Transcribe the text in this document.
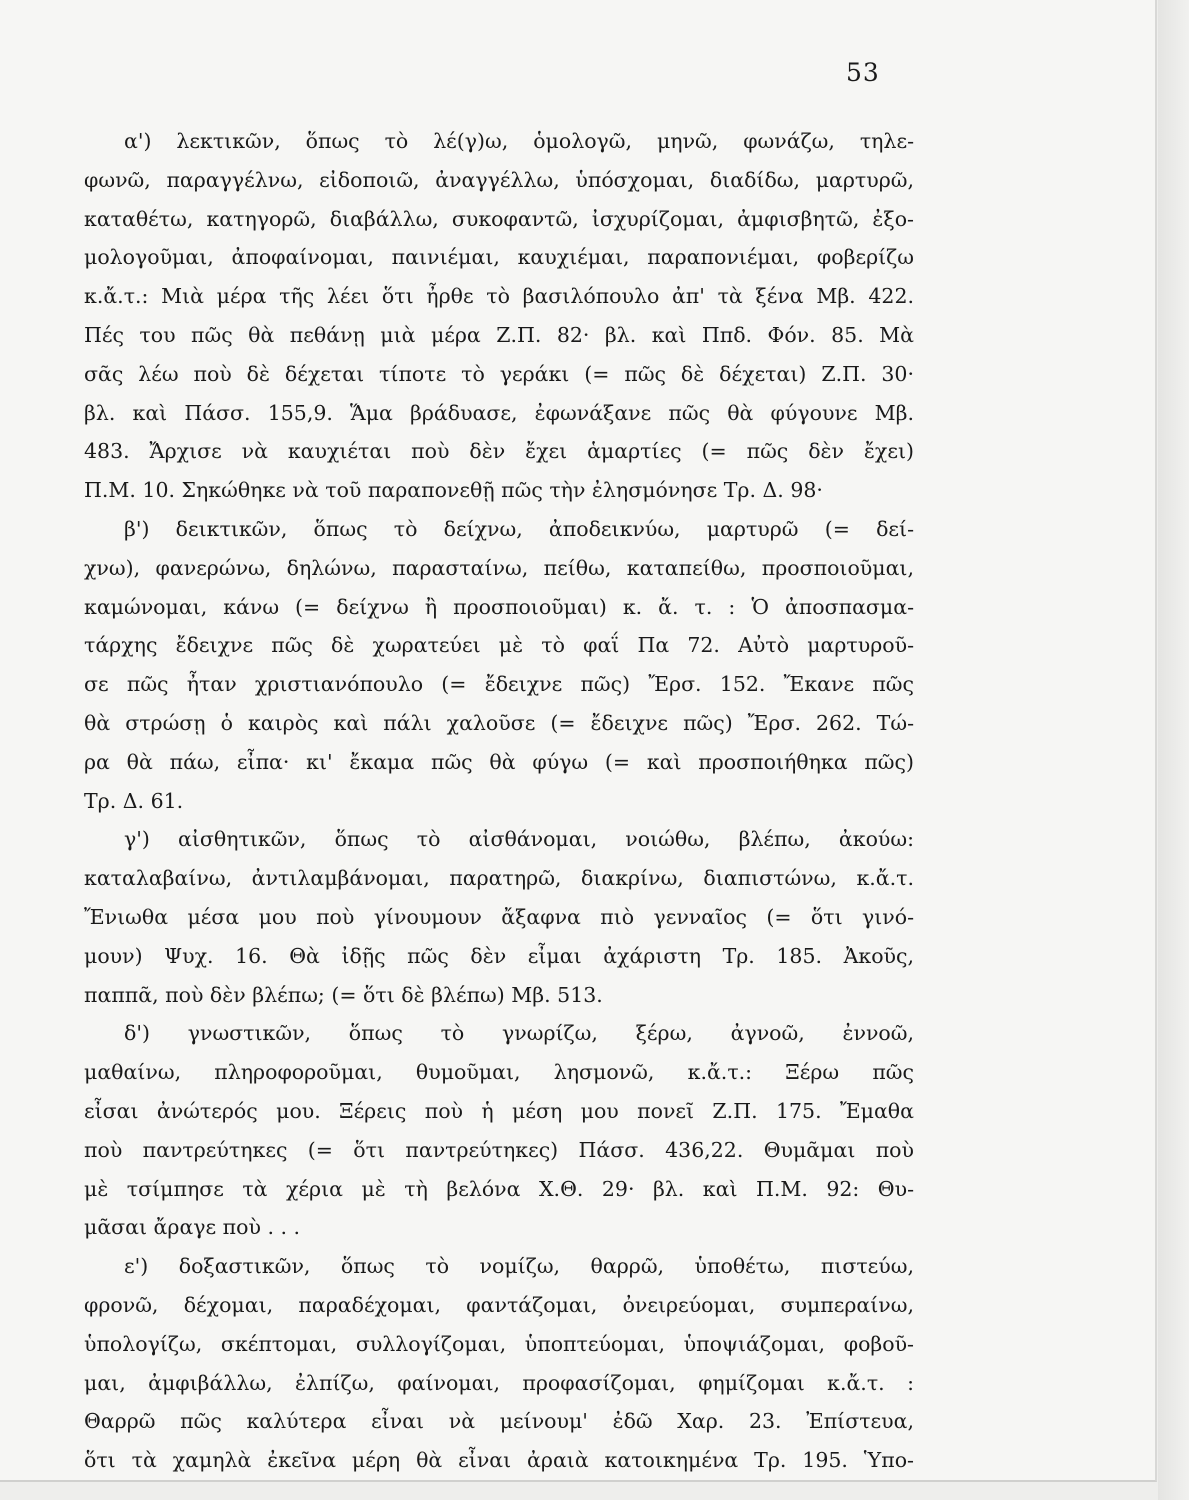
53
α') λεκτικῶν, ὅπως τὸ λέ(γ)ω, ὁμολογῶ, μηνῶ, φωνάζω, τηλε-
φωνῶ, παραγγέλνω, εἰδοποιῶ, ἀναγγέλλω, ὑπόσχομαι, διαδίδω, μαρτυρῶ,
καταθέτω, κατηγορῶ, διαβάλλω, συκοφαντῶ, ἰσχυρίζομαι, ἀμφισβητῶ, ἐξο-
μολογοῦμαι, ἀποφαίνομαι, παινιέμαι, καυχιέμαι, παραπονιέμαι, φοβερίζω
κ.ἄ.τ.: Μιὰ μέρα τῆς λέει ὅτι ἦρθε τὸ βασιλόπουλο ἀπ' τὰ ξένα Μβ. 422.
Πές του πῶς θὰ πεθάνῃ μιὰ μέρα Ζ.Π. 82· βλ. καὶ Ππδ. Φόν. 85. Μὰ
σᾶς λέω ποὺ δὲ δέχεται τίποτε τὸ γεράκι (= πῶς δὲ δέχεται) Ζ.Π. 30·
βλ. καὶ Πάσσ. 155,9. Ἅμα βράδυασε, ἐφωνάξανε πῶς θὰ φύγουνε Μβ.
483. Ἄρχισε νὰ καυχιέται ποὺ δὲν ἔχει ἁμαρτίες (= πῶς δὲν ἔχει)
Π.Μ. 10. Σηκώθηκε νὰ τοῦ παραπονεθῇ πῶς τὴν ἐλησμόνησε Τρ. Δ. 98·
β') δεικτικῶν, ὅπως τὸ δείχνω, ἀποδεικνύω, μαρτυρῶ (= δεί-
χνω), φανερώνω, δηλώνω, παρασταίνω, πείθω, καταπείθω, προσποιοῦμαι,
καμώνομαι, κάνω (= δείχνω ἢ προσποιοῦμαι) κ. ἄ. τ. : Ὁ ἀποσπασμα-
τάρχης ἔδειχνε πῶς δὲ χωρατεύει μὲ τὸ φαΐ Πα 72. Αὐτὸ μαρτυροῦ-
σε πῶς ἦταν χριστιανόπουλο (= ἔδειχνε πῶς) Ἔρσ. 152. Ἔκανε πῶς
θὰ στρώσῃ ὁ καιρὸς καὶ πάλι χαλοῦσε (= ἔδειχνε πῶς) Ἔρσ. 262. Τώ-
ρα θὰ πάω, εἶπα· κι' ἔκαμα πῶς θὰ φύγω (= καὶ προσποιήθηκα πῶς)
Τρ. Δ. 61.
γ') αἰσθητικῶν, ὅπως τὸ αἰσθάνομαι, νοιώθω, βλέπω, ἀκούω:
καταλαβαίνω, ἀντιλαμβάνομαι, παρατηρῶ, διακρίνω, διαπιστώνω, κ.ἄ.τ.
Ἔνιωθα μέσα μου ποὺ γίνουμουν ἄξαφνα πιὸ γενναῖος (= ὅτι γινό-
μουν) Ψυχ. 16. Θὰ ἰδῇς πῶς δὲν εἶμαι ἀχάριστη Τρ. 185. Ἀκοῦς,
παππᾶ, ποὺ δὲν βλέπω; (= ὅτι δὲ βλέπω) Μβ. 513.
δ') γνωστικῶν, ὅπως τὸ γνωρίζω, ξέρω, ἀγνοῶ, ἐννοῶ,
μαθαίνω, πληροφοροῦμαι, θυμοῦμαι, λησμονῶ, κ.ἄ.τ.: Ξέρω πῶς
εἶσαι ἀνώτερός μου. Ξέρεις ποὺ ἡ μέση μου πονεῖ Ζ.Π. 175. Ἔμαθα
ποὺ παντρεύτηκες (= ὅτι παντρεύτηκες) Πάσσ. 436,22. Θυμᾶμαι ποὺ
μὲ τσίμπησε τὰ χέρια μὲ τὴ βελόνα Χ.Θ. 29· βλ. καὶ Π.Μ. 92: Θυ-
μᾶσαι ἄραγε ποὺ . . .
ε') δοξαστικῶν, ὅπως τὸ νομίζω, θαρρῶ, ὑποθέτω, πιστεύω,
φρονῶ, δέχομαι, παραδέχομαι, φαντάζομαι, ὀνειρεύομαι, συμπεραίνω,
ὑπολογίζω, σκέπτομαι, συλλογίζομαι, ὑποπτεύομαι, ὑποψιάζομαι, φοβοῦ-
μαι, ἀμφιβάλλω, ἐλπίζω, φαίνομαι, προφασίζομαι, φημίζομαι κ.ἄ.τ. :
Θαρρῶ πῶς καλύτερα εἶναι νὰ μείνουμ' ἐδῶ Χαρ. 23. Ἐπίστευα,
ὅτι τὰ χαμηλὰ ἐκεῖνα μέρη θὰ εἶναι ἀραιὰ κατοικημένα Τρ. 195. Ὑπο-
